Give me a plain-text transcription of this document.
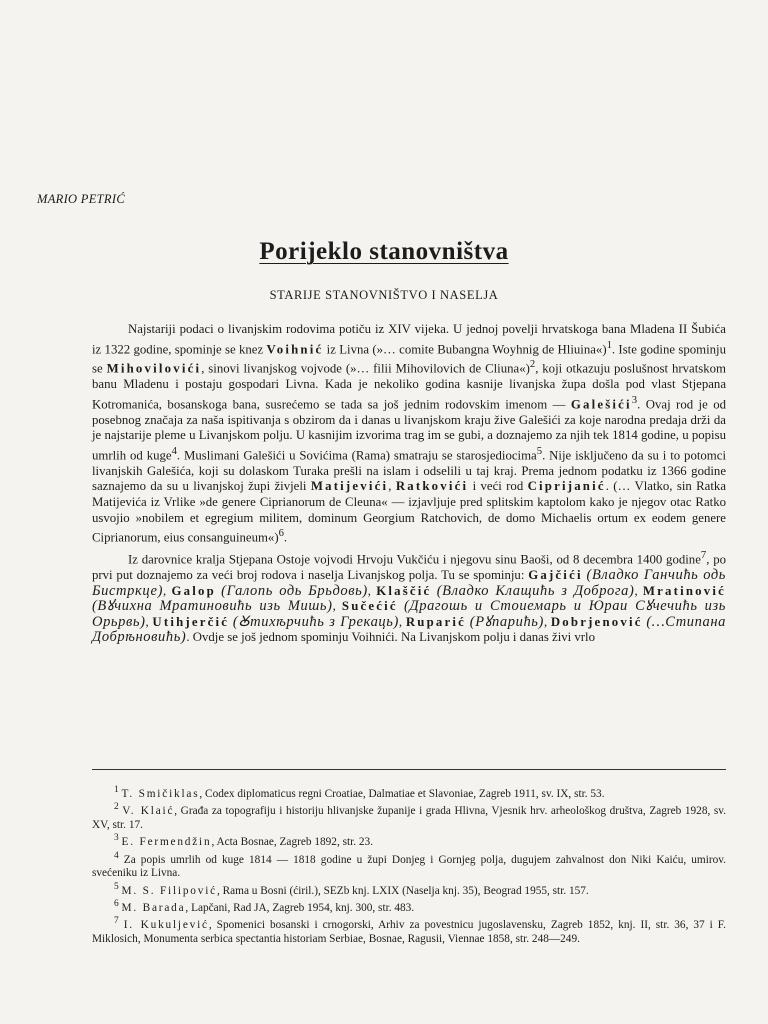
MARIO PETRIĆ
Porijeklo stanovništva
STARIJE STANOVNIŠTVO I NASELJA

Najstariji podaci o livanjskim rodovima potiču iz XIV vijeka. U jednoj povelji hrvatskoga bana Mladena II Šubića iz 1322 godine, spominje se knez Voihnić iz Livna (»… comite Bubangna Woyhnig de Hliuina«)$^1$. Iste godine spominju se Mihovilovići, sinovi livanjskog vojvode (»… filii Mihovilovich de Cliuna«)$^2$, koji otkazuju poslušnost hrvatskom banu Mladenu i postaju gospodari Livna. Kada je nekoliko godina kasnije livanjska župa došla pod vlast Stjepana Kotromanića, bosanskoga bana, susrećemo se tada sa još jednim rodovskim imenom — Galešići$^3$. Ovaj rod je od posebnog značaja za naša ispitivanja s obzirom da i danas u livanjskom kraju žive Galešići za koje narodna predaja drži da je najstarije pleme u Livanjskom polju. U kasnijim izvorima trag im se gubi, a doznajemo za njih tek 1814 godine, u popisu umrlih od kuge$^4$. Muslimani Galešići u Sovićima (Rama) smatraju se starosjediocima$^5$. Nije isključeno da su i to potomci livanjskih Galešića, koji su dolaskom Turaka prešli na islam i odselili u taj kraj. Prema jednom podatku iz 1366 godine saznajemo da su u livanjskoj župi živjeli Matijevići, Ratkovići i veći rod Ciprijanić. (… Vlatko, sin Ratka Matijevića iz Vrlike »de genere Ciprianorum de Cleuna« — izjavljuje pred splitskim kaptolom kako je njegov otac Ratko usvojio »nobilem et egregium militem, dominum Georgium Ratchovich, de domo Michaelis ortum ex eodem genere Ciprianorum, eius consanguineum«)$^6$.

Iz darovnice kralja Stjepana Ostoje vojvodi Hrvoju Vukčiću i njegovu sinu Baoši, od 8 decembra 1400 godine$^7$, po prvi put doznajemo za veći broj rodova i naselja Livanjskog polja. Tu se spominju: Gajčići (Владко Ганчићь одь Бистркце), Galop (Галопь одь Брьдовь), Klaščić (Владко Клащићь з Доброга), Mratinović (Вꙋчихна Мратиновићь изь Мишь), Sučećić (Драгошь и Стоиемарь и Юраи Сꙋчечићь изь Орьрвь), Utihjerčić (Ꙋтихѣрчићь з Грекаць), Ruparić (Рꙋпарићь), Dobrjenović (…Стипана Добрѣновићь). Ovdje se još jednom spominju Voihnići. Na Livanjskom polju i danas živi vrlo

$^1$ T. Smičiklas, Codex diplomaticus regni Croatiae, Dalmatiae et Slavoniae, Zagreb 1911, sv. IX, str. 53.

$^2$ V. Klaić, Građa za topografiju i historiju hlivanjske županije i grada Hlivna, Vjesnik hrv. arheološkog društva, Zagreb 1928, sv. XV, str. 17.

$^3$ E. Fermendžin, Acta Bosnae, Zagreb 1892, str. 23.

$^4$ Za popis umrlih od kuge 1814 — 1818 godine u župi Donjeg i Gornjeg polja, dugujem zahvalnost don Niki Kaiću, umirov. svećeniku iz Livna.

$^5$ M. S. Filipović, Rama u Bosni (ćiril.), SEZb knj. LXIX (Naselja knj. 35), Beograd 1955, str. 157.

$^6$ M. Barada, Lapčani, Rad JA, Zagreb 1954, knj. 300, str. 483.

$^7$ I. Kukuljević, Spomenici bosanski i crnogorski, Arhiv za povestnicu jugoslavensku, Zagreb 1852, knj. II, str. 36, 37 i F. Miklosich, Monumenta serbica spectantia historiam Serbiae, Bosnae, Ragusii, Viennae 1858, str. 248—249.
